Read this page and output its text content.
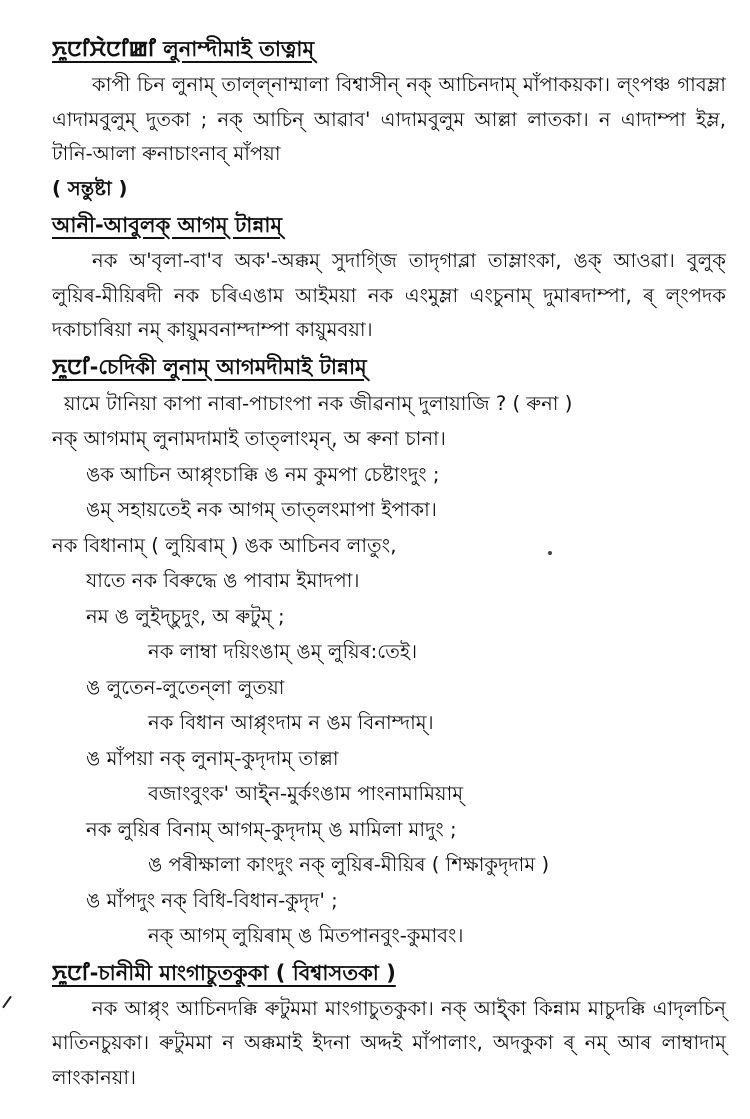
ꯈꯨꯅꯤꯆꯥꯅꯤꯀꯤ লুনাম্দীমাই তাত্নাম্

কাপী চিন লুনাম্ তাল্ল্নাম্মালা বিশ্বাসীন্ নক্ আচিনদাম্ মাঁপাকয়কা। ল্ংপঞ্চ গাবম্লা এাদামবুলুম্ দুতকা ; নক্ আচিন্ আৱাব' এাদামবুলুম আল্লা লাতকা। ন এাদাম্পা ইম্ল, টানি-আলা ৰুনাচাংনাব্ মাঁপয়া

( সন্তুষ্টা )

আনী-আবুলক্ আগম্ টান্নাম্

নক অ'বৃলা-বা'ব অক'-অক্কম্ সুদাগ্জি তাদৃগাব্লা তাম্লাংকা, ঙক্ আওৱা। বুলুক্ লুয়িৰ-মীয়িৰদী নক চৰিএঙাম আইময়া নক এংমুম্লা এংচুনাম্ দুমাৰদাম্পা, ৰ্ ল্ংপদক দকাচাৰিয়া নম্ কায়ুমবনাম্দাম্পা কায়ুমবয়া।

ꯈꯨꯅꯤ-চেদিকী লুনাম্ আগমদীমাই টান্নাম্

য়ামে টানিয়া কাপা নাৰা-পাচাংপা নক জীৱনাম্ দুলায়াজি ? ( ৰুনা )

নক্ আগমাম্ লুনামদামাই তাত্লাংমৃন্, অ ৰুনা চানা।

ঙক আচিন আপ্পৃংচাক্কি ঙ নম কুমপা চেষ্টাংদুং ;

ঙম্ সহায়তেই নক আগম্ তাত্লংমাপা ইপাকা।

নক বিধানাম্ ( লুয়িৰাম্ ) ঙক আচিনব লাতুং,

যাতে নক বিৰুদ্ধে ঙ পাবাম ইমাদপা।

নম ঙ লুইদ্চুদুং, অ ৰুটুম্ ;

নক লাম্বা দয়িংঙাম্ ঙম্ লুয়িৰ:তেই।

ঙ লুতেন-লুতেন্লা লুতয়া

নক বিধান আপ্পৃংদাম ন ঙম বিনাম্দাম্।

ঙ মাঁপয়া নক্ লুনাম্-কুদৃদাম্ তাল্লা

বজাংবুংক' আই্ন-মুৰ্কংঙাম পাংনামামিয়াম্

নক লুয়িৰ বিনাম্ আগম্-কুদৃদাম্ ঙ মামিলা মাদুং ;

ঙ পৰীক্ষালা কাংদুং নক্ লুয়িৰ-মীয়িৰ ( শিক্ষাকুদৃদাম )

ঙ মাঁপদুং নক্ বিধি-বিধান-কুদৃদ' ;

নক্ আগম্ লুয়িৰাম্ ঙ মিতপানবুং-কুমাবং।

ꯈꯨꯅꯤ-চানীমী মাংগাচুতকুকা ( বিশ্বাসতকা )

নক আপ্পৃং আচিনদক্কি ৰুটুমমা মাংগাচুতকুকা। নক্ আই্কা কিন্নাম মাচুদক্কি এাদৃলচিন্ মাতিনচুয়কা। ৰুটুমমা ন অক্কমাই ইদনা অদ্দই মাঁপালাং, অদকুকা ৰ্ নম্ আৰ লাম্বাদাম্ লাংকানয়া।
